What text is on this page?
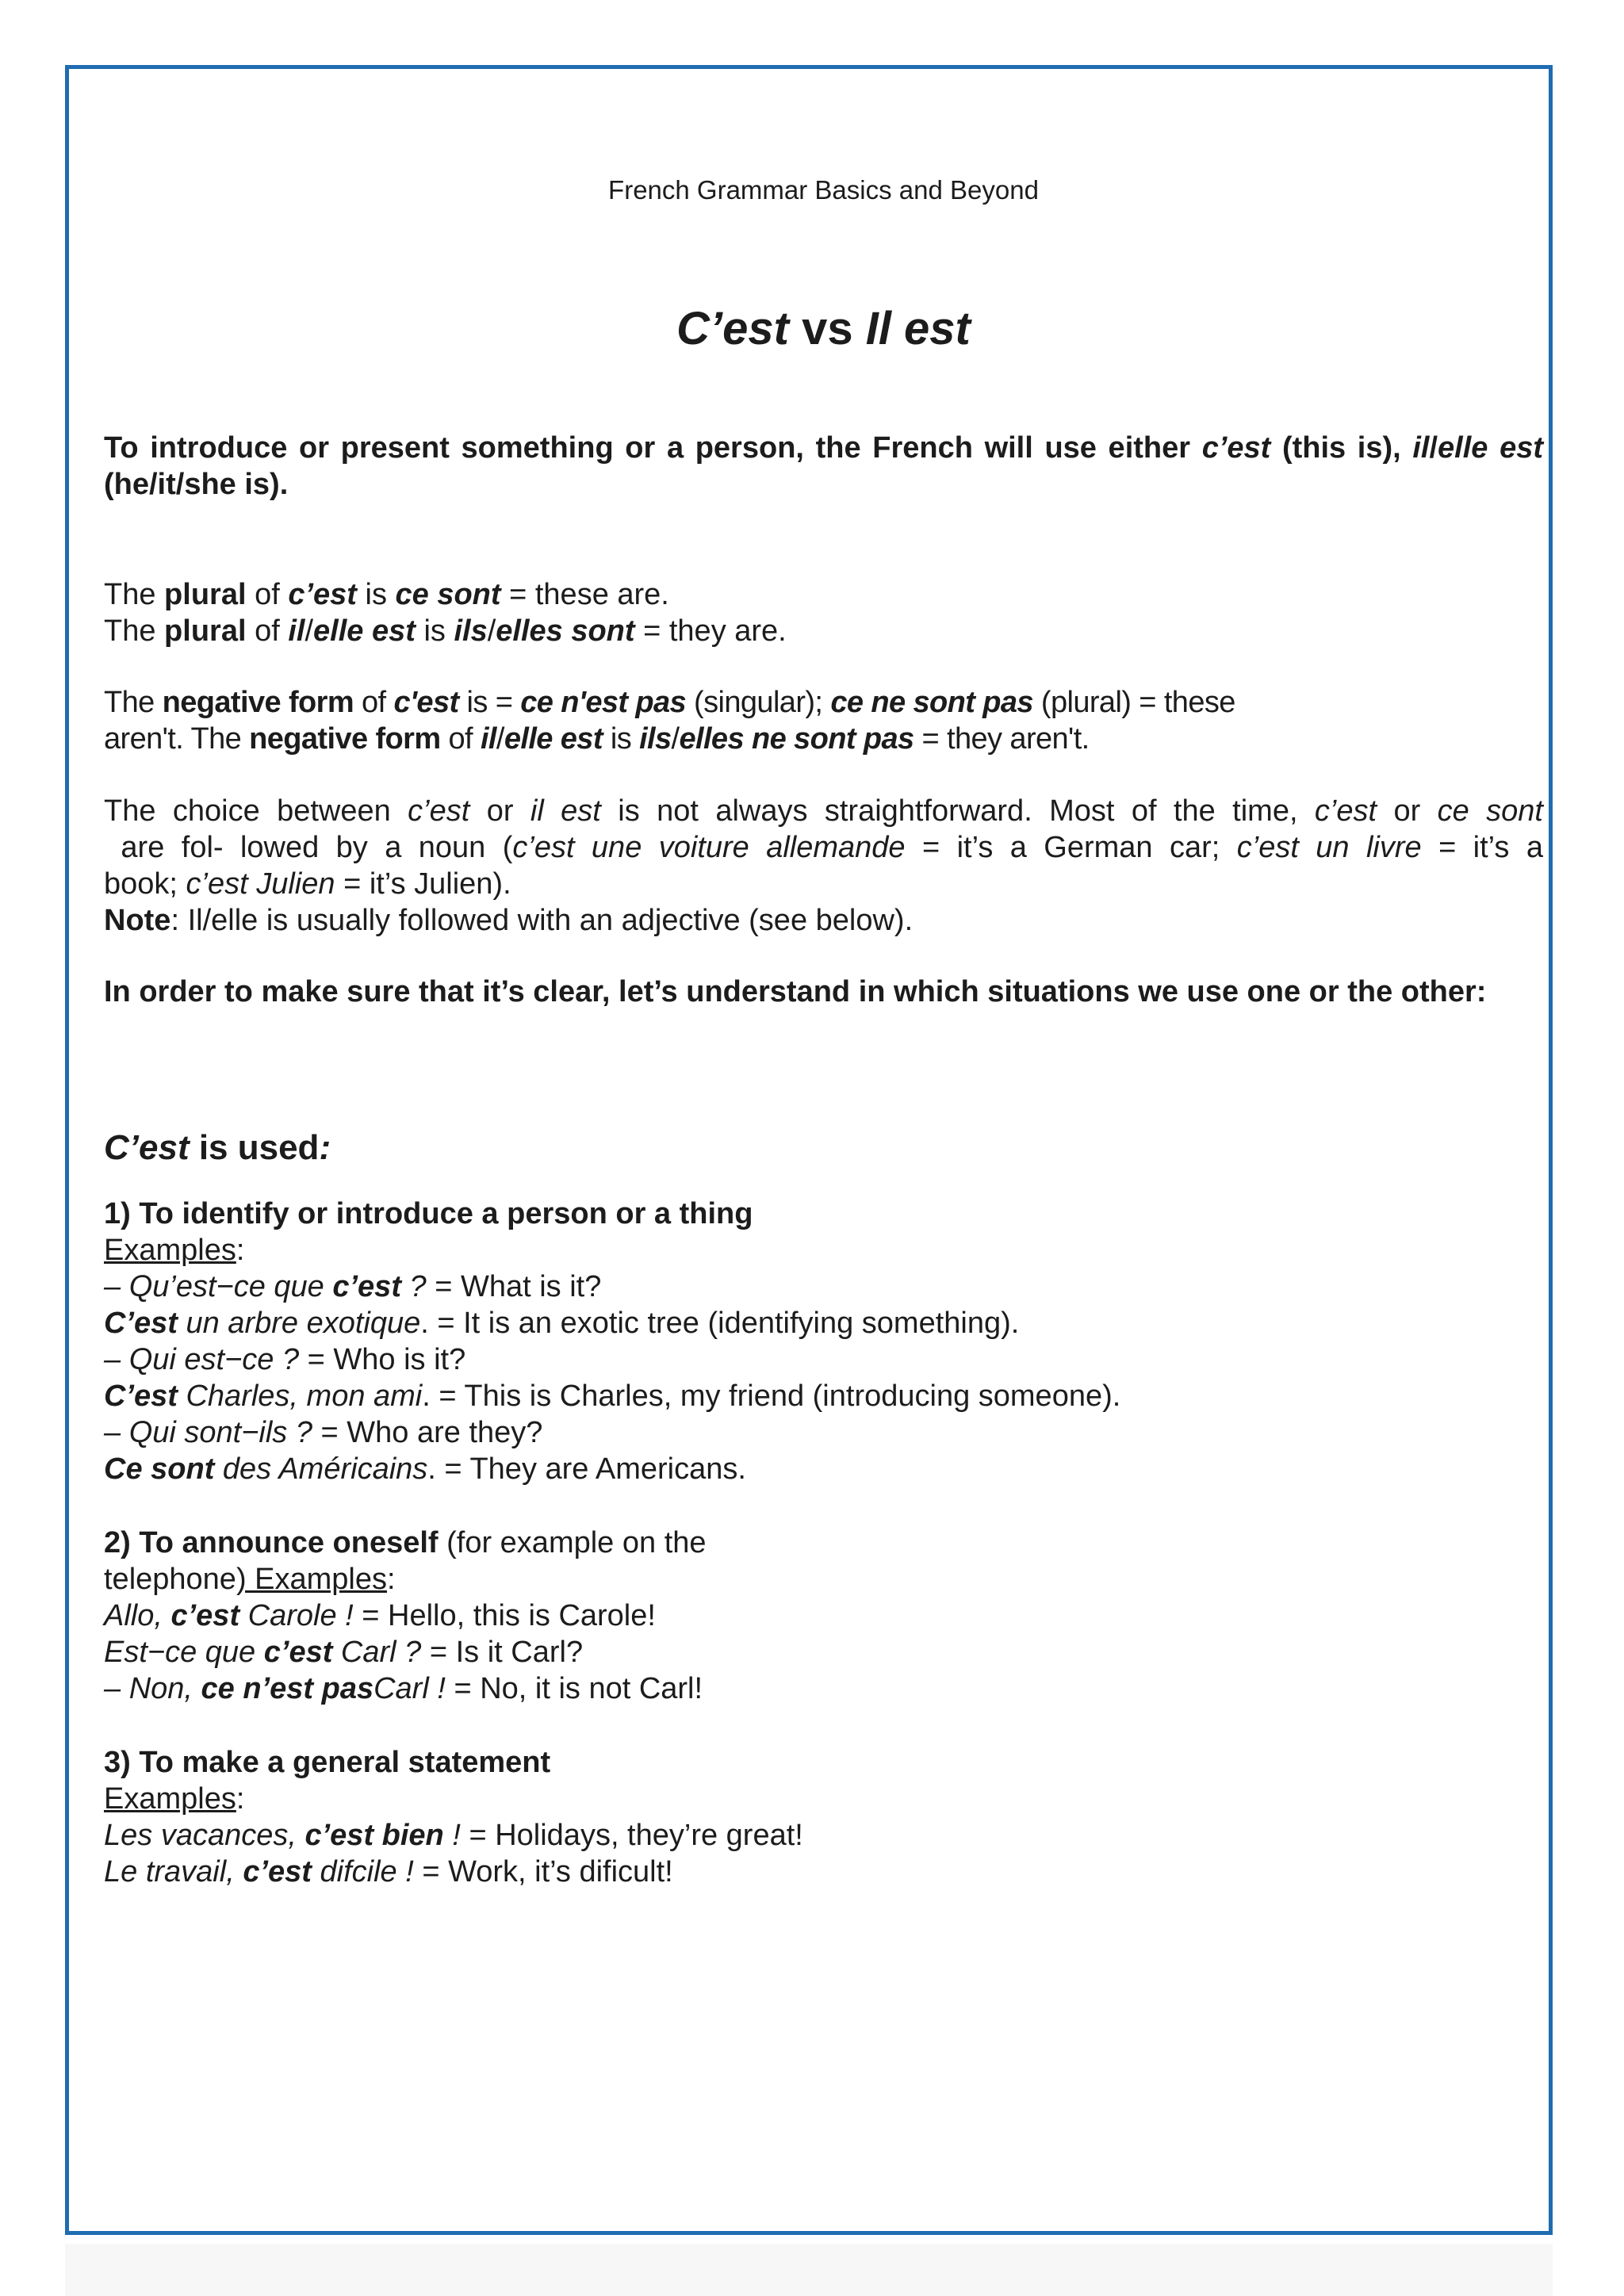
French Grammar Basics and Beyond
C’est vs Il est

To introduce or present something or a person, the French will use either c’est (this is), il/elle est

(he/it/she is).

The plural of c’est is ce sont = these are.

The plural of il/elle est is ils/elles sont = they are.

The negative form of c'est is = ce n'est pas (singular); ce ne sont pas (plural) = these

aren't. The negative form of il/elle est is ils/elles ne sont pas = they aren't.

The choice between c’est or il est is not always straightforward. Most of the time, c’est or ce sont

are fol- lowed by a noun (c’est une voiture allemande = it’s a German car; c’est un livre = it’s a

book; c’est Julien = it’s Julien).

Note: Il/elle is usually followed with an adjective (see below).

In order to make sure that it’s clear, let’s understand in which situations we use one or the other:

C’est is used:

1) To identify or introduce a person or a thing

Examples:

– Qu’est−ce que c’est ? = What is it?

C’est un arbre exotique. = It is an exotic tree (identifying something).

– Qui est−ce ? = Who is it?

C’est Charles, mon ami. = This is Charles, my friend (introducing someone).

– Qui sont−ils ? = Who are they?

Ce sont des Américains. = They are Americans.

2) To announce oneself (for example on the

telephone) Examples:

Allo, c’est Carole ! = Hello, this is Carole!

Est−ce que c’est Carl ? = Is it Carl?

– Non, ce n’est pasCarl ! = No, it is not Carl!

3) To make a general statement

Examples:

Les vacances, c’est bien ! = Holidays, they’re great!

Le travail, c’est difcile ! = Work, it’s dificult!
